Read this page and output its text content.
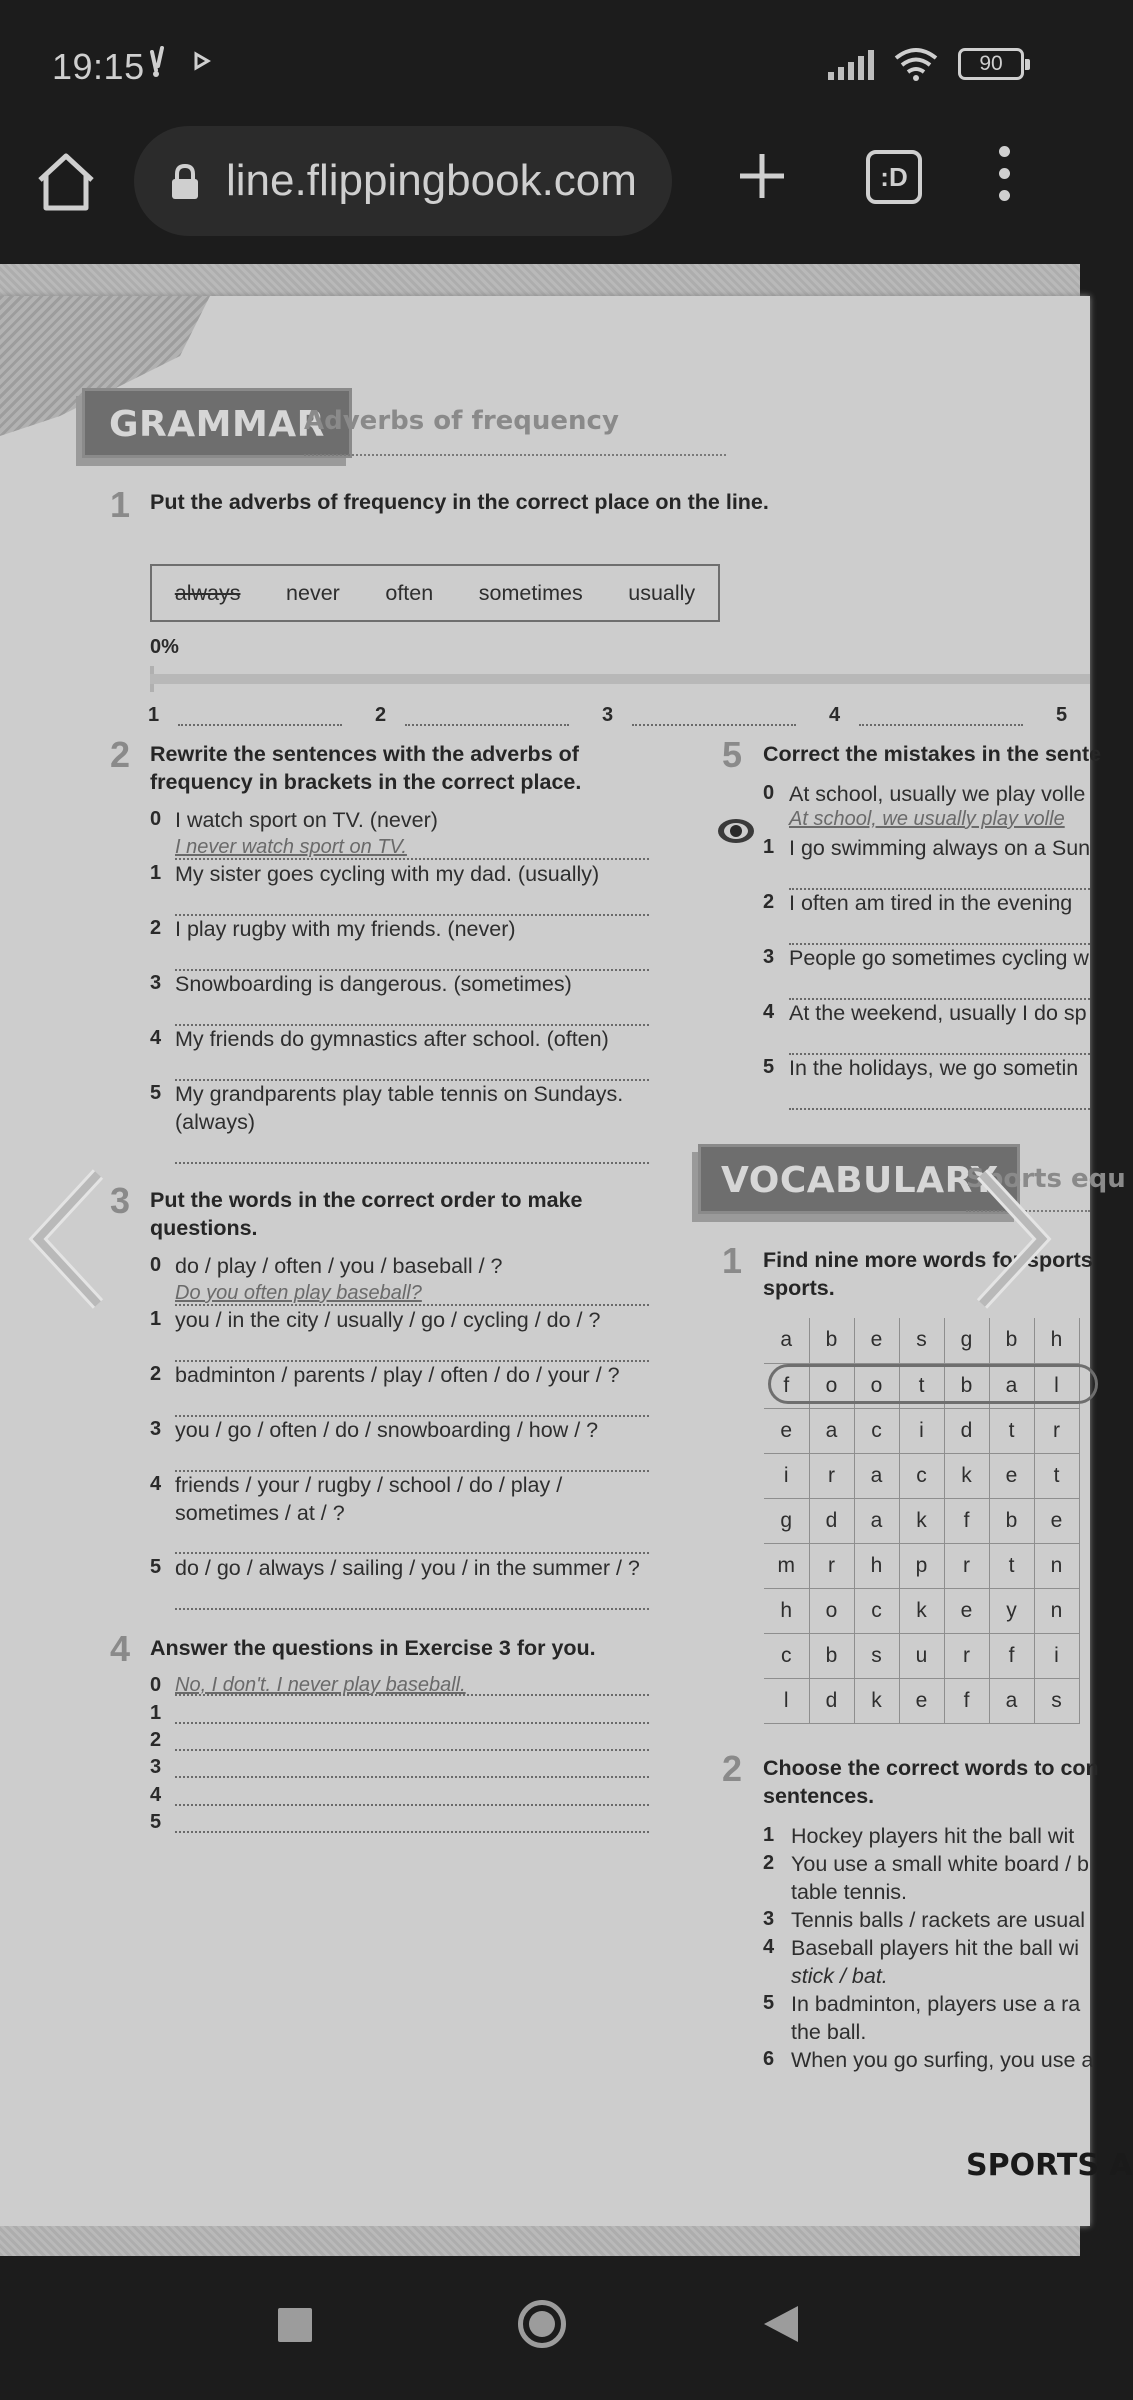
19:15	90
line.flippingbook.com	:D
GRAMMAR
Adverbs of frequency
1 Put the adverbs of frequency in the correct place on the line.
always never often sometimes usually
0%
1	2	3	4	5
2 Rewrite the sentences with the adverbs of
frequency in brackets in the correct place.
0 I watch sport on TV. (never)
I never watch sport on TV.
1 My sister goes cycling with my dad. (usually)
2 I play rugby with my friends. (never)
3 Snowboarding is dangerous. (sometimes)
4 My friends do gymnastics after school. (often)
5 My grandparents play table tennis on Sundays.
(always)
3 Put the words in the correct order to make
questions.
0 do / play / often / you / baseball / ?
Do you often play baseball?
1 you / in the city / usually / go / cycling / do / ?
2 badminton / parents / play / often / do / your / ?
3 you / go / often / do / snowboarding / how / ?
4 friends / your / rugby / school / do / play /
sometimes / at / ?
5 do / go / always / sailing / you / in the summer / ?
4 Answer the questions in Exercise 3 for you.
0 No, I don't. I never play baseball.
1
2
3
4
5
5 Correct the mistakes in the sente
0 At school, usually we play volle
At school, we usually play volle
1 I go swimming always on a Sun
2 I often am tired in the evening
3 People go sometimes cycling w
4 At the weekend, usually I do sp
5 In the holidays, we go sometin
VOCABULARY
Sports equ
1 Find nine more words for sports
sports.
a	b	e	s	g	b	h
f	o	o	t	b	a	l
e	a	c	i	d	t	r
i	r	a	c	k	e	t
g	d	a	k	f	b	e
m	r	h	p	r	t	n
h	o	c	k	e	y	n
c	b	s	u	r	f	i
l	d	k	e	f	a	s
2 Choose the correct words to con
sentences.
1 Hockey players hit the ball wit
2 You use a small white board / b
table tennis.
3 Tennis balls / rackets are usual
4 Baseball players hit the ball wi
stick / bat.
5 In badminton, players use a ra
the ball.
6 When you go surfing, you use a
SPORTS A
